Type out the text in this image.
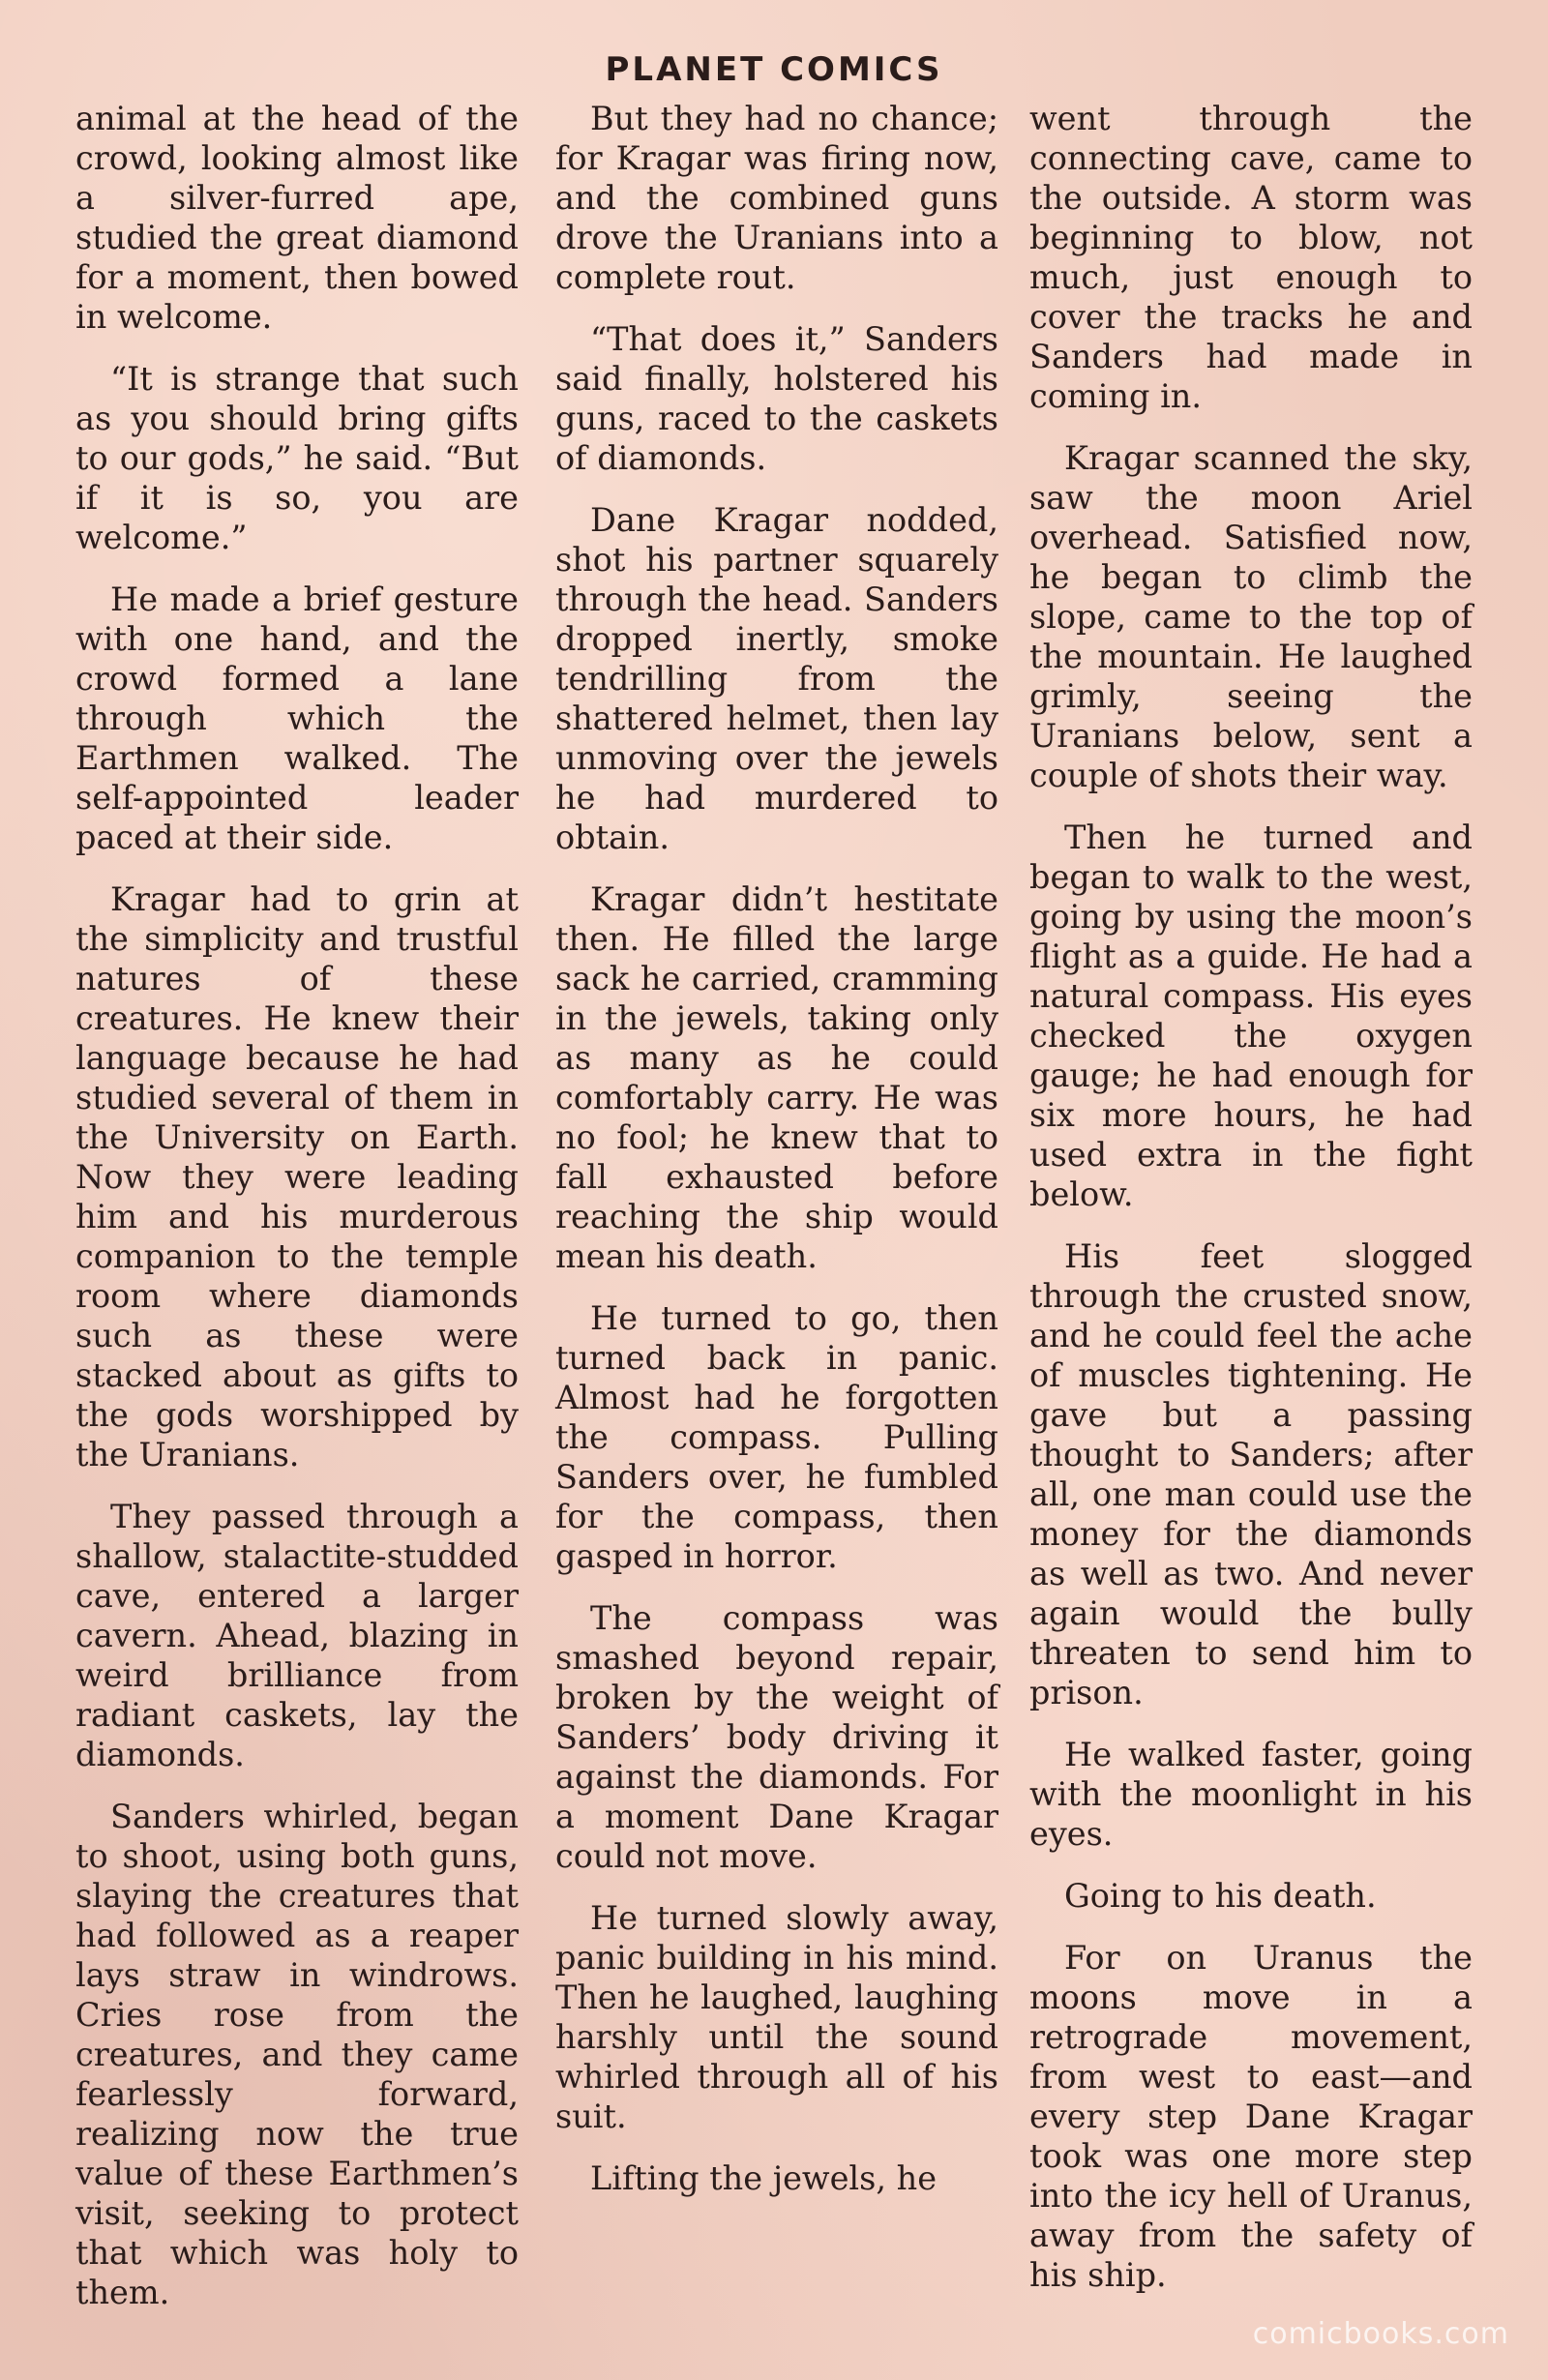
PLANET COMICS

animal at the head of the crowd, looking almost like a silver-furred ape, studied the great diamond for a moment, then bowed in welcome.

“It is strange that such as you should bring gifts to our gods,” he said. “But if it is so, you are welcome.”

He made a brief gesture with one hand, and the crowd formed a lane through which the Earthmen walked. The self-appointed leader paced at their side.

Kragar had to grin at the simplicity and trustful natures of these creatures. He knew their language because he had studied several of them in the University on Earth. Now they were leading him and his murderous companion to the temple room where diamonds such as these were stacked about as gifts to the gods worshipped by the Uranians.

They passed through a shallow, stalactite-studded cave, entered a larger cavern. Ahead, blazing in weird brilliance from radiant caskets, lay the diamonds.

Sanders whirled, began to shoot, using both guns, slaying the creatures that had followed as a reaper lays straw in windrows. Cries rose from the creatures, and they came fearlessly forward, realizing now the true value of these Earthmen’s visit, seeking to protect that which was holy to them.

But they had no chance; for Kragar was firing now, and the combined guns drove the Uranians into a complete rout.

“That does it,” Sanders said finally, holstered his guns, raced to the caskets of diamonds.

Dane Kragar nodded, shot his partner squarely through the head. Sanders dropped inertly, smoke tendrilling from the shattered helmet, then lay unmoving over the jewels he had murdered to obtain.

Kragar didn’t hestitate then. He filled the large sack he carried, cramming in the jewels, taking only as many as he could comfortably carry. He was no fool; he knew that to fall exhausted before reaching the ship would mean his death.

He turned to go, then turned back in panic. Almost had he forgotten the compass. Pulling Sanders over, he fumbled for the compass, then gasped in horror.

The compass was smashed beyond repair, broken by the weight of Sanders’ body driving it against the diamonds. For a moment Dane Kragar could not move.

He turned slowly away, panic building in his mind. Then he laughed, laughing harshly until the sound whirled through all of his suit.

Lifting the jewels, he

went through the connecting cave, came to the outside. A storm was beginning to blow, not much, just enough to cover the tracks he and Sanders had made in coming in.

Kragar scanned the sky, saw the moon Ariel overhead. Satisfied now, he began to climb the slope, came to the top of the mountain. He laughed grimly, seeing the Uranians below, sent a couple of shots their way.

Then he turned and began to walk to the west, going by using the moon’s flight as a guide. He had a natural compass. His eyes checked the oxygen gauge; he had enough for six more hours, he had used extra in the fight below.

His feet slogged through the crusted snow, and he could feel the ache of muscles tightening. He gave but a passing thought to Sanders; after all, one man could use the money for the diamonds as well as two. And never again would the bully threaten to send him to prison.

He walked faster, going with the moonlight in his eyes.

Going to his death.

For on Uranus the moons move in a retrograde movement, from west to east—and every step Dane Kragar took was one more step into the icy hell of Uranus, away from the safety of his ship.

comicbooks.com
